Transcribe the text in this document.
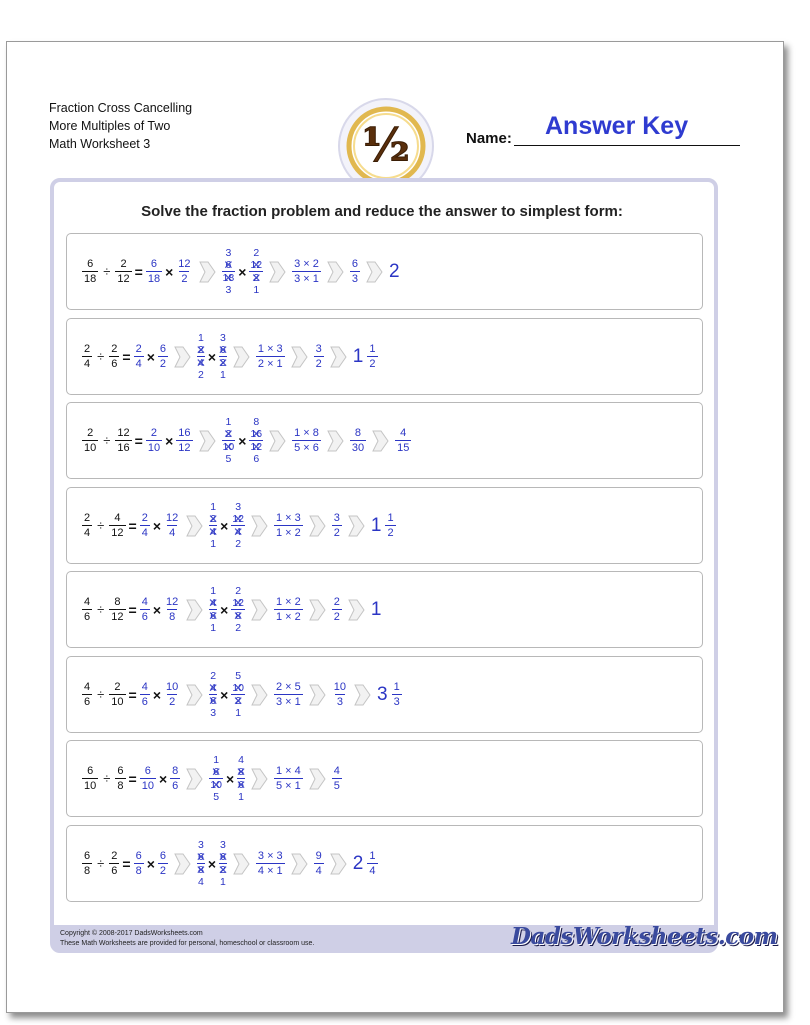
Fraction Cross Cancelling
More Multiples of Two
Math Worksheet 3	½	Name: Answer Key
Solve the fraction problem and reduce the answer to simplest form:
$\frac{6}{18} \div \frac{2}{12} = \frac{6}{18} \times \frac{12}{2}$
3
6 ✕
18 ✕
3
×
2
12 ✕
2 ✕
1
$\frac{3 \times 2}{3 \times 1} \frac{6}{3} 2$
$\frac{2}{4} \div \frac{2}{6} = \frac{2}{4} \times \frac{6}{2}$
1
2 ✕
4 ✕
2
×
3
6 ✕
2 ✕
1
$\frac{1 \times 3}{2 \times 1} \frac{3}{2} 1 \frac{1}{2}$
$\frac{2}{10} \div \frac{12}{16} = \frac{2}{10} \times \frac{16}{12}$
1
2 ✕
10 ✕
5
×
8
16 ✕
12 ✕
6
$\frac{1 \times 8}{5 \times 6} \frac{8}{30} \frac{4}{15}$
$\frac{2}{4} \div \frac{4}{12} = \frac{2}{4} \times \frac{12}{4}$
1
2 ✕
4 ✕
1
×
3
12 ✕
4 ✕
2
$\frac{1 \times 3}{1 \times 2} \frac{3}{2} 1 \frac{1}{2}$
$\frac{4}{6} \div \frac{8}{12} = \frac{4}{6} \times \frac{12}{8}$
1
4 ✕
6 ✕
1
×
2
12 ✕
8 ✕
2
$\frac{1 \times 2}{1 \times 2} \frac{2}{2} 1$
$\frac{4}{6} \div \frac{2}{10} = \frac{4}{6} \times \frac{10}{2}$
2
4 ✕
6 ✕
3
×
5
10 ✕
2 ✕
1
$\frac{2 \times 5}{3 \times 1} \frac{10}{3} 3 \frac{1}{3}$
$\frac{6}{10} \div \frac{6}{8} = \frac{6}{10} \times \frac{8}{6}$
1
6 ✕
10 ✕
5
×
4
8 ✕
6 ✕
1
$\frac{1 \times 4}{5 \times 1} \frac{4}{5}$
$\frac{6}{8} \div \frac{2}{6} = \frac{6}{8} \times \frac{6}{2}$
3
6 ✕
8 ✕
4
×
3
6 ✕
2 ✕
1
$\frac{3 \times 3}{4 \times 1} \frac{9}{4} 2 \frac{1}{4}$
Copyright © 2008-2017 DadsWorksheets.com
These Math Worksheets are provided for personal, homeschool or classroom use.	DadsWorksheets.com
